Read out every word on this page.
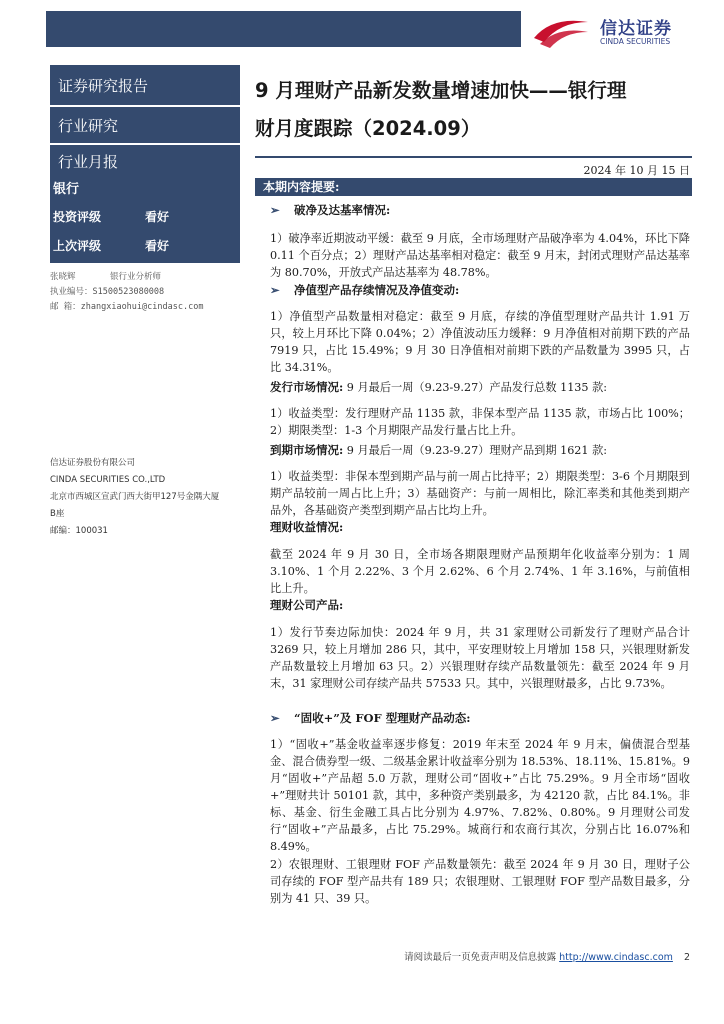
信达证券
CINDA SECURITIES
证券研究报告
行业研究
行业月报
银行
投资评级	看好
上次评级	看好
张晓辉	银行业分析师
执业编号：S1500523080008
邮 箱：zhangxiaohui@cindasc.com
信达证券股份有限公司
CINDA SECURITIES CO.,LTD
北京市西城区宣武门西大街甲127号金隅大厦
B座
邮编：100031
9 月理财产品新发数量增速加快——银行理
财月度跟踪（2024.09）
2024 年 10 月 15 日
本期内容提要:
➢ 破净及达基率情况:
1）破净率近期波动平缓：截至 9 月底，全市场理财产品破净率为 4.04%，环比下降 0.11 个百分点；2）理财产品达基率相对稳定：截至 9 月末，封闭式理财产品达基率为 80.70%，开放式产品达基率为 48.78%。
➢ 净值型产品存续情况及净值变动:
1）净值型产品数量相对稳定：截至 9 月底，存续的净值型理财产品共计 1.91 万只，较上月环比下降 0.04%；2）净值波动压力缓释：9 月净值相对前期下跌的产品 7919 只，占比 15.49%；9 月 30 日净值相对前期下跌的产品数量为 3995 只，占比 34.31%。
发行市场情况: 9 月最后一周（9.23-9.27）产品发行总数 1135 款:
1）收益类型：发行理财产品 1135 款，非保本型产品 1135 款，市场占比 100%；2）期限类型：1-3 个月期限产品发行量占比上升。
到期市场情况: 9 月最后一周（9.23-9.27）理财产品到期 1621 款:
1）收益类型：非保本型到期产品与前一周占比持平；2）期限类型：3-6 个月期限到期产品较前一周占比上升；3）基础资产：与前一周相比，除汇率类和其他类到期产品外，各基础资产类型到期产品占比均上升。
理财收益情况:
截至 2024 年 9 月 30 日，全市场各期限理财产品预期年化收益率分别为：1 周 3.10%、1 个月 2.22%、3 个月 2.62%、6 个月 2.74%、1 年 3.16%，与前值相比上升。
理财公司产品:
1）发行节奏边际加快：2024 年 9 月，共 31 家理财公司新发行了理财产品合计 3269 只，较上月增加 286 只，其中，平安理财较上月增加 158 只，兴银理财新发产品数量较上月增加 63 只。2）兴银理财存续产品数量领先：截至 2024 年 9 月末，31 家理财公司存续产品共 57533 只。其中，兴银理财最多，占比 9.73%。
➢ “固收+”及 FOF 型理财产品动态:
1）“固收+”基金收益率逐步修复：2019 年末至 2024 年 9 月末，偏债混合型基金、混合债券型一级、二级基金累计收益率分别为 18.53%、18.11%、15.81%。9 月“固收+”产品超 5.0 万款，理财公司“固收+”占比 75.29%。9 月全市场“固收+”理财共计 50101 款，其中，多种资产类别最多，为 42120 款，占比 84.1%。非标、基金、衍生金融工具占比分别为 4.97%、7.82%、0.80%。9 月理财公司发行“固收+”产品最多，占比 75.29%。城商行和农商行其次，分别占比 16.07%和 8.49%。
2）农银理财、工银理财 FOF 产品数量领先：截至 2024 年 9 月 30 日，理财子公司存续的 FOF 型产品共有 189 只；农银理财、工银理财 FOF 型产品数目最多，分别为 41 只、39 只。
请阅读最后一页免责声明及信息披露 http://www.cindasc.com 2
